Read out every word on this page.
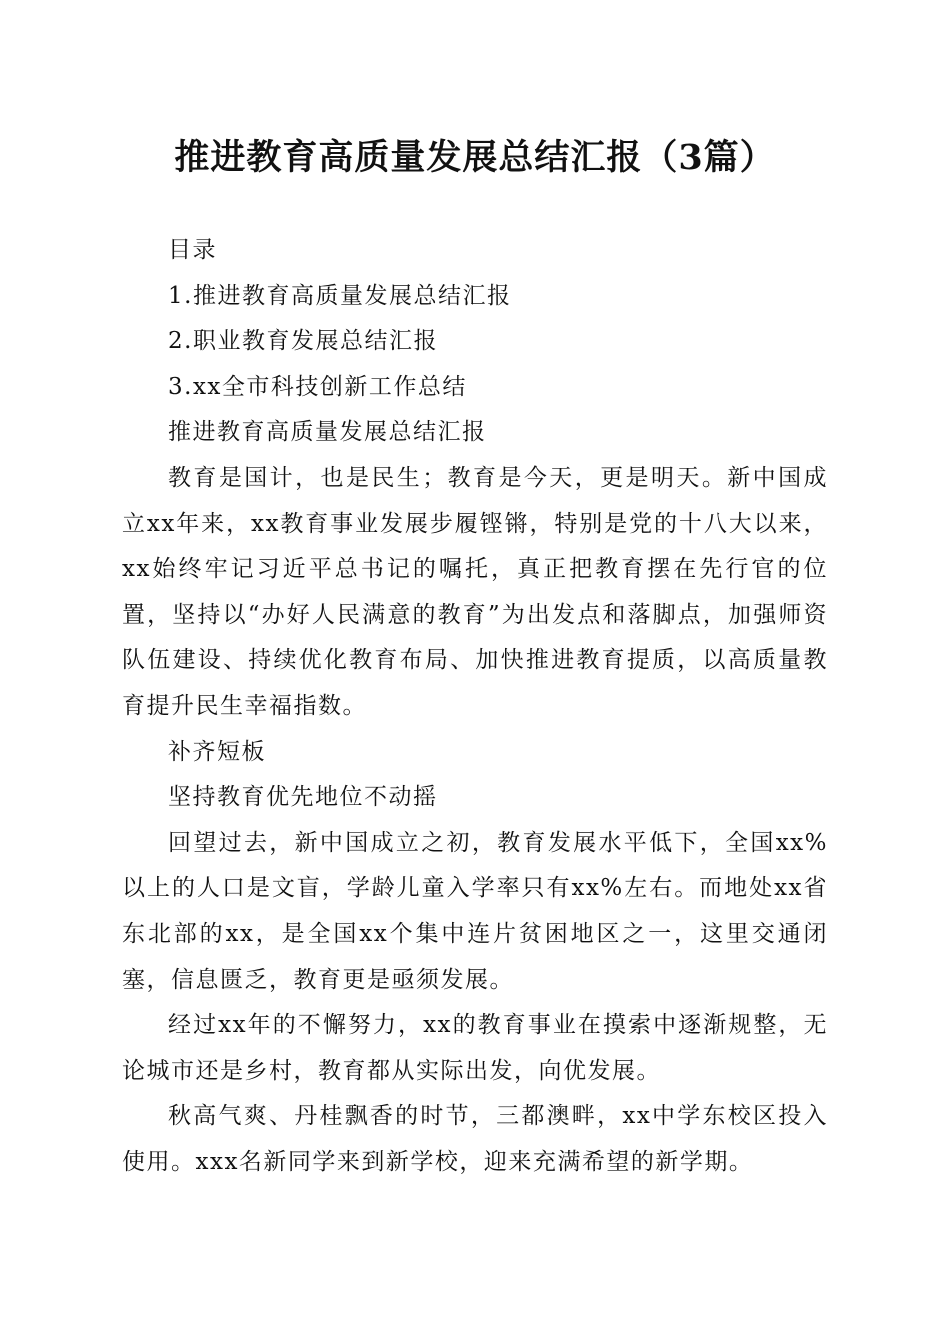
推进教育高质量发展总结汇报（3篇）

目录

1.推进教育高质量发展总结汇报

2.职业教育发展总结汇报

3.xx全市科技创新工作总结

推进教育高质量发展总结汇报

教育是国计，也是民生；教育是今天，更是明天。新中国成立xx年来，xx教育事业发展步履铿锵，特别是党的十八大以来，xx始终牢记习近平总书记的嘱托，真正把教育摆在先行官的位置，坚持以“办好人民满意的教育”为出发点和落脚点，加强师资队伍建设、持续优化教育布局、加快推进教育提质，以高质量教育提升民生幸福指数。

补齐短板

坚持教育优先地位不动摇

回望过去，新中国成立之初，教育发展水平低下，全国xx%以上的人口是文盲，学龄儿童入学率只有xx%左右。而地处xx省东北部的xx，是全国xx个集中连片贫困地区之一，这里交通闭塞，信息匮乏，教育更是亟须发展。

经过xx年的不懈努力，xx的教育事业在摸索中逐渐规整，无论城市还是乡村，教育都从实际出发，向优发展。

秋高气爽、丹桂飘香的时节，三都澳畔，xx中学东校区投入使用。xxx名新同学来到新学校，迎来充满希望的新学期。
